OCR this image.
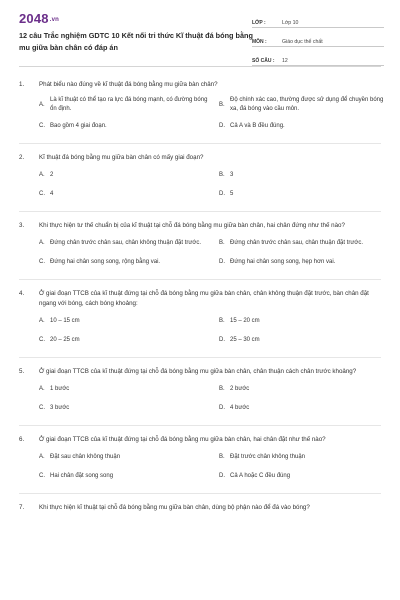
2048.vn
12 câu Trắc nghiệm GDTC 10 Kết nối tri thức Kĩ thuật đá bóng bằng mu giữa bàn chân có đáp án
LỚP :	Lớp 10
MÔN :	Giáo dục thể chất
SỐ CÂU :	12
1.	Phát biểu nào đúng về kĩ thuật đá bóng bằng mu giữa bàn chân?
A.
Là kĩ thuật có thể tạo ra lực đá bóng mạnh, có đường bóng ổn định.
B.
Độ chính xác cao, thường được sử dụng để chuyền bóng xa, đá bóng vào cầu môn.
C. Bao gồm 4 giai đoạn.	D. Cả A và B đều đúng.
2.	Kĩ thuật đá bóng bằng mu giữa bàn chân có mấy giai đoạn?
A. 2	B. 3
C. 4	D. 5
3.	Khi thực hiện tư thế chuẩn bị của kĩ thuật tại chỗ đá bóng bằng mu giữa bàn chân, hai chân đứng như thế nào?
A. Đứng chân trước chân sau, chân không thuận đặt trước.	B. Đứng chân trước chân sau, chân thuận đặt trước.
C. Đứng hai chân song song, rộng bằng vai.	D. Đứng hai chân song song, hẹp hơn vai.
4.	Ở giai đoạn TTCB của kĩ thuật đứng tại chỗ đá bóng bằng mu giữa bàn chân, chân không thuận đặt trước, bàn chân đặt ngang với bóng, cách bóng khoảng:
A. 10 – 15 cm	B. 15 – 20 cm
C. 20 – 25 cm	D. 25 – 30 cm
5.	Ở giai đoạn TTCB của kĩ thuật đứng tại chỗ đá bóng bằng mu giữa bàn chân, chân thuận cách chân trước khoảng?
A. 1 bước	B. 2 bước
C. 3 bước	D. 4 bước
6.	Ở giai đoạn TTCB của kĩ thuật đứng tại chỗ đá bóng bằng mu giữa bàn chân, hai chân đặt như thế nào?
A. Đặt sau chân không thuận	B. Đặt trước chân không thuận
C. Hai chân đặt song song	D. Cả A hoặc C đều đúng
7.	Khi thực hiện kĩ thuật tại chỗ đá bóng bằng mu giữa bàn chân, dùng bộ phận nào để đá vào bóng?
